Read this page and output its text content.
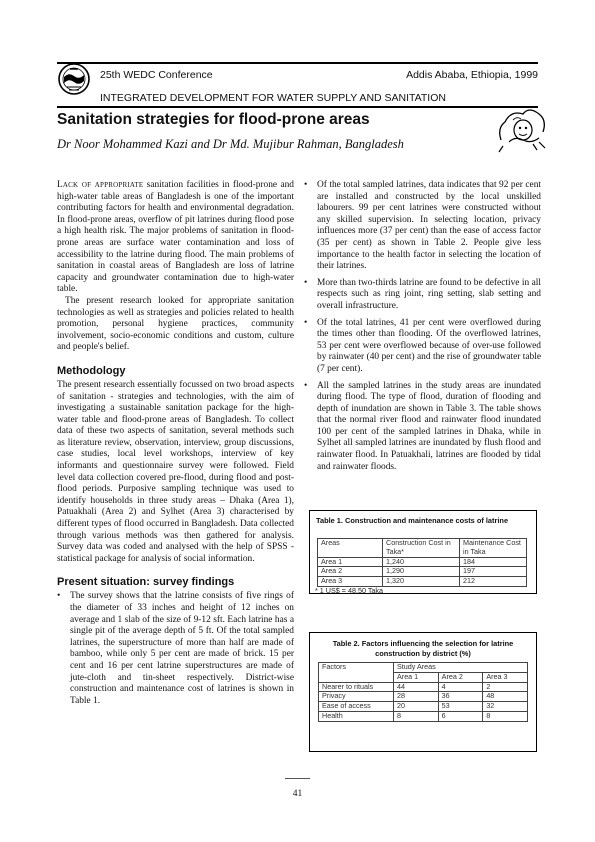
25th WEDC Conference	Addis Ababa, Ethiopia, 1999
INTEGRATED DEVELOPMENT FOR WATER SUPPLY AND SANITATION
Sanitation strategies for flood-prone areas
Dr Noor Mohammed Kazi and Dr Md. Mujibur Rahman, Bangladesh

Lack of appropriate sanitation facilities in flood-prone and high-water table areas of Bangladesh is one of the important contributing factors for health and environmental degradation. In flood-prone areas, overflow of pit latrines during flood pose a high health risk. The major problems of sanitation in flood-prone areas are surface water contamination and loss of accessibility to the latrine during flood. The main problems of sanitation in coastal areas of Bangladesh are loss of latrine capacity and groundwater contamination due to high-water table.

The present research looked for appropriate sanitation technologies as well as strategies and policies related to health promotion, personal hygiene practices, community involvement, socio-economic conditions and custom, culture and people's belief.

Methodology

The present research essentially focussed on two broad aspects of sanitation - strategies and technologies, with the aim of investigating a sustainable sanitation package for the high-water table and flood-prone areas of Bangladesh. To collect data of these two aspects of sanitation, several methods such as literature review, observation, interview, group discussions, case studies, local level workshops, interview of key informants and questionnaire survey were followed. Field level data collection covered pre-flood, during flood and post-flood periods. Purposive sampling technique was used to identify households in three study areas – Dhaka (Area 1), Patuakhali (Area 2) and Sylhet (Area 3) characterised by different types of flood occurred in Bangladesh. Data collected through various methods was then gathered for analysis. Survey data was coded and analysed with the help of SPSS - statistical package for analysis of social information.

Present situation: survey findings
• The survey shows that the latrine consists of five rings of the diameter of 33 inches and height of 12 inches on average and 1 slab of the size of 9-12 sft. Each latrine has a single pit of the average depth of 5 ft. Of the total sampled latrines, the superstructure of more than half are made of bamboo, while only 5 per cent are made of brick. 15 per cent and 16 per cent latrine superstructures are made of jute-cloth and tin-sheet respectively. District-wise construction and maintenance cost of latrines is shown in Table 1.
• Of the total sampled latrines, data indicates that 92 per cent are installed and constructed by the local unskilled labourers. 99 per cent latrines were constructed without any skilled supervision. In selecting location, privacy influences more (37 per cent) than the ease of access factor (35 per cent) as shown in Table 2. People give less importance to the health factor in selecting the location of their latrines.
• More than two-thirds latrine are found to be defective in all respects such as ring joint, ring setting, slab setting and overall infrastructure.
• Of the total latrines, 41 per cent were overflowed during the times other than flooding. Of the overflowed latrines, 53 per cent were overflowed because of over-use followed by rainwater (40 per cent) and the rise of groundwater table (7 per cent).
• All the sampled latrines in the study areas are inundated during flood. The type of flood, duration of flooding and depth of inundation are shown in Table 3. The table shows that the normal river flood and rainwater flood inundated 100 per cent of the sampled latrines in Dhaka, while in Sylhet all sampled latrines are inundated by flush flood and rainwater flood. In Patuakhali, latrines are flooded by tidal and rainwater floods.
Table 1. Construction and maintenance costs of latrine
Areas	Construction Cost in Taka*	Maintenance Cost in Taka
Area 1	1,240	184
Area 2	1,290	197
Area 3	1,320	212
* 1 US$ = 48.50 Taka
Table 2. Factors influencing the selection for latrine construction by district (%)
Factors	Study Areas		
	Area 1	Area 2	Area 3
Nearer to rituals	44	4	2
Privacy	28	36	48
Ease of access	20	53	32
Health	8	6	8
41
